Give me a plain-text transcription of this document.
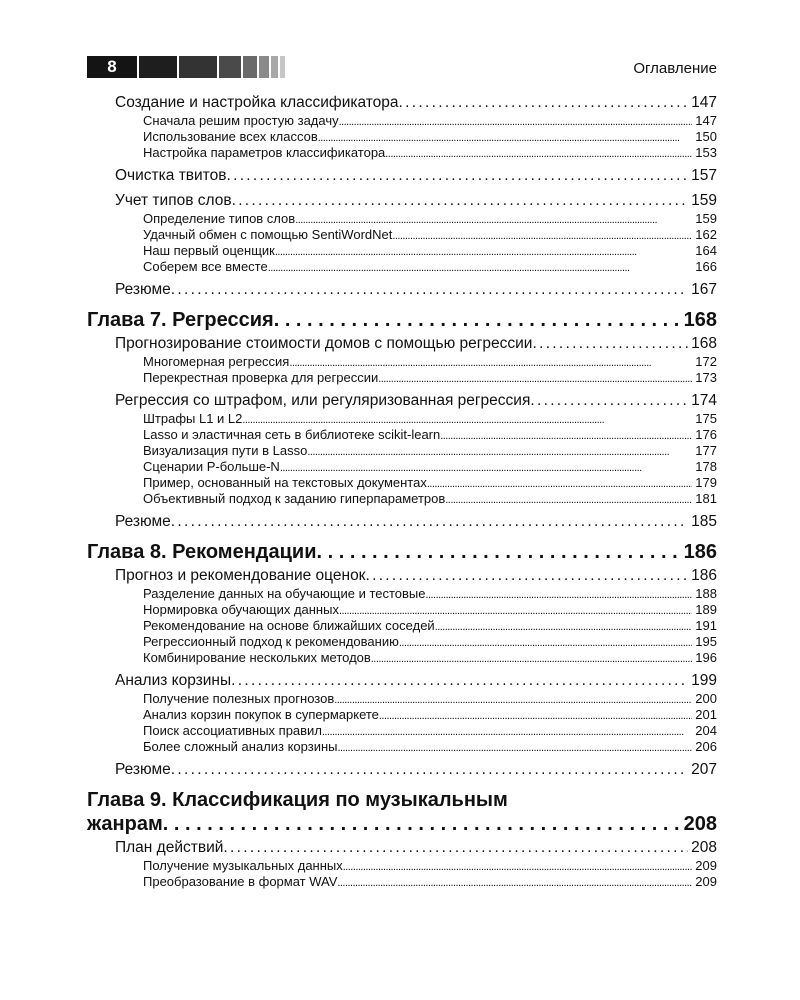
8	Оглавление
Создание и настройка классификатора . . .	147
Сначала решим простую задачу . . .	147
Использование всех классов . . .	150
Настройка параметров классификатора . . .	153
Очистка твитов . . .	157
Учет типов слов . . .	159
Определение типов слов . . .	159
Удачный обмен с помощью SentiWordNet . . .	162
Наш первый оценщик . . .	164
Соберем все вместе . . .	166
Резюме . . .	167
Глава 7. Регрессия . . .	168
Прогнозирование стоимости домов с помощью регрессии . . .	168
Многомерная регрессия . . .	172
Перекрестная проверка для регрессии . . .	173
Регрессия со штрафом, или регуляризованная регрессия . . .	174
Штрафы L1 и L2 . . .	175
Lasso и эластичная сеть в библиотеке scikit-learn . . .	176
Визуализация пути в Lasso . . .	177
Сценарии P-больше-N . . .	178
Пример, основанный на текстовых документах . . .	179
Объективный подход к заданию гиперпараметров . . .	181
Резюме . . .	185
Глава 8. Рекомендации . . .	186
Прогноз и рекомендование оценок . . .	186
Разделение данных на обучающие и тестовые . . .	188
Нормировка обучающих данных . . .	189
Рекомендование на основе ближайших соседей . . .	191
Регрессионный подход к рекомендованию . . .	195
Комбинирование нескольких методов . . .	196
Анализ корзины . . .	199
Получение полезных прогнозов . . .	200
Анализ корзин покупок в супермаркете . . .	201
Поиск ассоциативных правил . . .	204
Более сложный анализ корзины . . .	206
Резюме . . .	207
Глава 9. Классификация по музыкальным
жанрам . . .	208
План действий . . .	208
Получение музыкальных данных . . .	209
Преобразование в формат WAV . . .	209
